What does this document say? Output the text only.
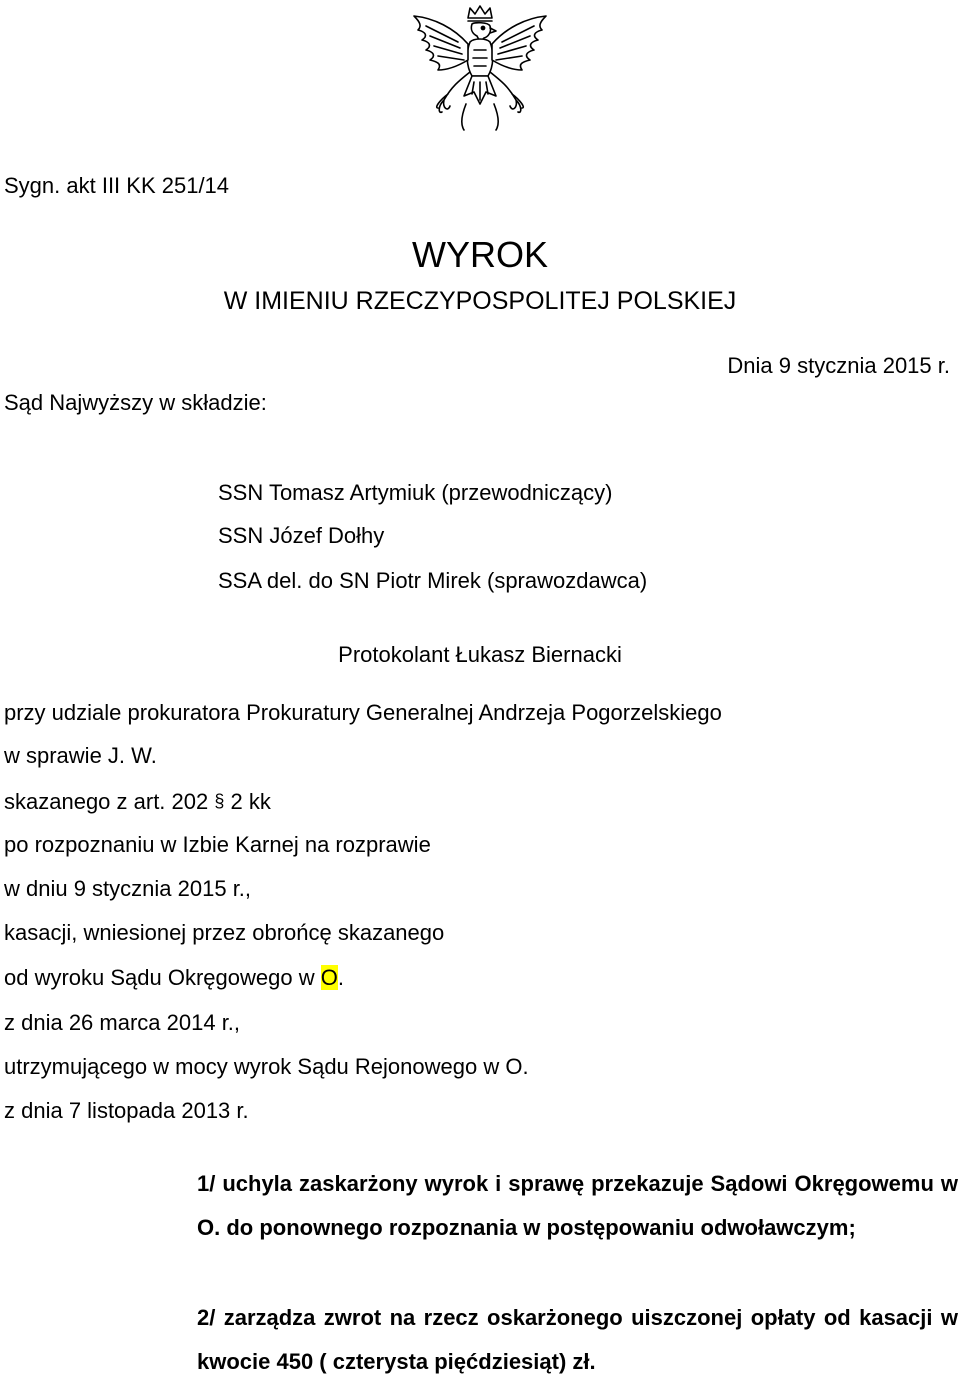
Sygn. akt III KK 251/14
WYROK
W IMIENIU RZECZYPOSPOLITEJ POLSKIEJ
Dnia 9 stycznia 2015 r.
Sąd Najwyższy w składzie:
SSN Tomasz Artymiuk (przewodniczący)
SSN Józef Dołhy
SSA del. do SN Piotr Mirek (sprawozdawca)
Protokolant Łukasz Biernacki
przy udziale prokuratora Prokuratury Generalnej Andrzeja Pogorzelskiego
w sprawie J. W.
skazanego z art. 202 § 2 kk
po rozpoznaniu w Izbie Karnej na rozprawie
w dniu 9 stycznia 2015 r.,
kasacji, wniesionej przez obrońcę skazanego
od wyroku Sądu Okręgowego w O.
z dnia 26 marca 2014 r.,
utrzymującego w mocy wyrok Sądu Rejonowego w O.
z dnia 7 listopada 2013 r.
1/ uchyla zaskarżony wyrok i sprawę przekazuje Sądowi Okręgowemu w O. do ponownego rozpoznania w postępowaniu odwoławczym;
2/ zarządza zwrot na rzecz oskarżonego uiszczonej opłaty od kasacji w kwocie 450 ( czterysta pięćdziesiąt) zł.
